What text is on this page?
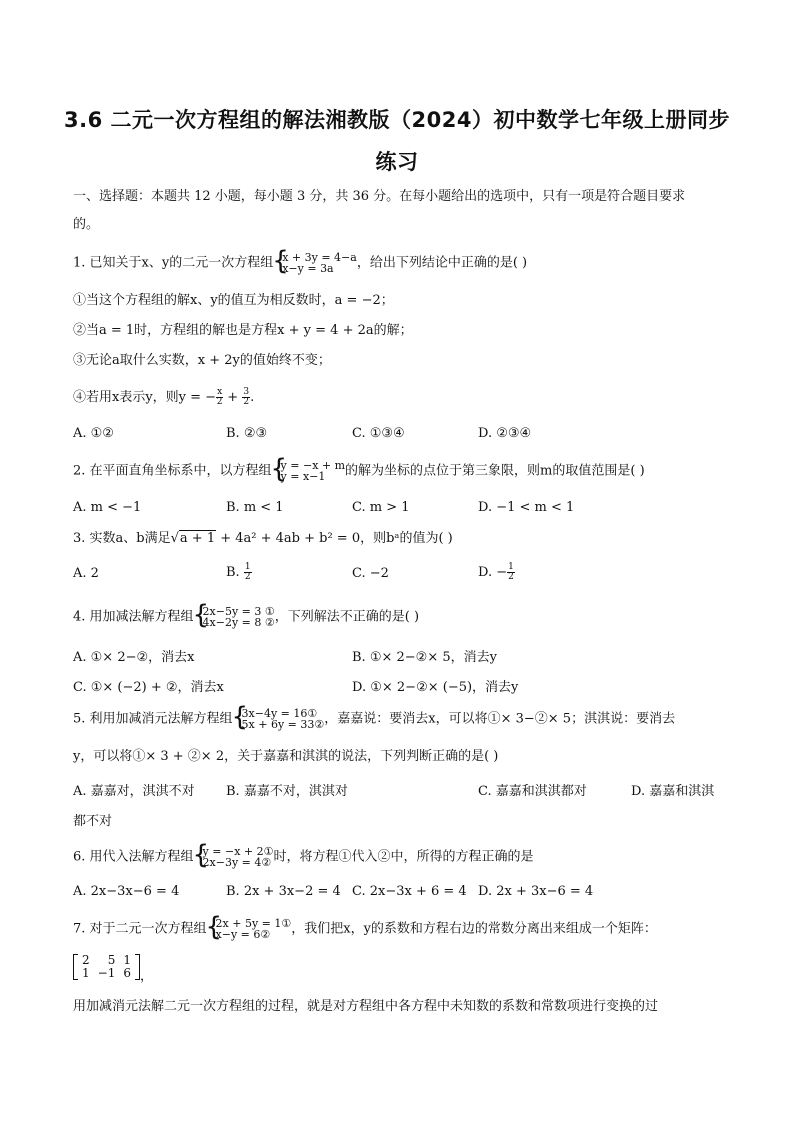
3.6 二元一次方程组的解法湘教版（2024）初中数学七年级上册同步
练习
一、选择题：本题共 12 小题，每小题 3 分，共 36 分。在每小题给出的选项中，只有一项是符合题目要求
的。
1. 已知关于x、y的二元一次方程组 { x + 3y = 4−a
x−y = 3a	，给出下列结论中正确的是( )
①当这个方程组的解x、y的值互为相反数时，a = −2；
②当a = 1时，方程组的解也是方程x + y = 4 + 2a的解；
③无论a取什么实数，x + 2y的值始终不变；
④若用x表示y，则y = − $\frac{x}{2} + \frac{3}{2}$ .
A. ①②	B. ②③	C. ①③④	D. ②③④
2. 在平面直角坐标系中，以方程组 { y = −x + m
y = x−1	的解为坐标的点位于第三象限，则m的取值范围是( )
A. m < −1	B. m < 1	C. m > 1	D. −1 < m < 1
3. 实数a、b满足√a + 1 + 4a² + 4ab + b² = 0，则bᵃ的值为( )
A. 2	B. $\frac{1}{2}$	C. −2	D. − $\frac{1}{2}$
4. 用加减法解方程组 { 2x−5y = 3 ①
4x−2y = 8 ② ，下列解法不正确的是( )
A. ①× 2−②，消去x	B. ①× 2−②× 5，消去y
C. ①× (−2) + ②，消去x	D. ①× 2−②× (−5)，消去y
5. 利用加减消元法解方程组 { 3x−4y = 16①
5x + 6y = 33② ，嘉嘉说：要消去x，可以将①× 3−②× 5；淇淇说：要消去
y，可以将①× 3 + ②× 2，关于嘉嘉和淇淇的说法，下列判断正确的是( )
A. 嘉嘉对，淇淇不对 B. 嘉嘉不对，淇淇对	C. 嘉嘉和淇淇都对	D. 嘉嘉和淇淇
都不对
6. 用代入法解方程组 { y = −x + 2①
2x−3y = 4② 时，将方程①代入②中，所得的方程正确的是
A. 2x−3x−6 = 4	B. 2x + 3x−2 = 4 C. 2x−3x + 6 = 4 D. 2x + 3x−6 = 4
7. 对于二元一次方程组 { 2x + 5y = 1①
x−y = 6②	，我们把x，y的系数和方程右边的常数分离出来组成一个矩阵：
2	5	1
1	−1	6 ，
用加减消元法解二元一次方程组的过程，就是对方程组中各方程中未知数的系数和常数项进行变换的过
